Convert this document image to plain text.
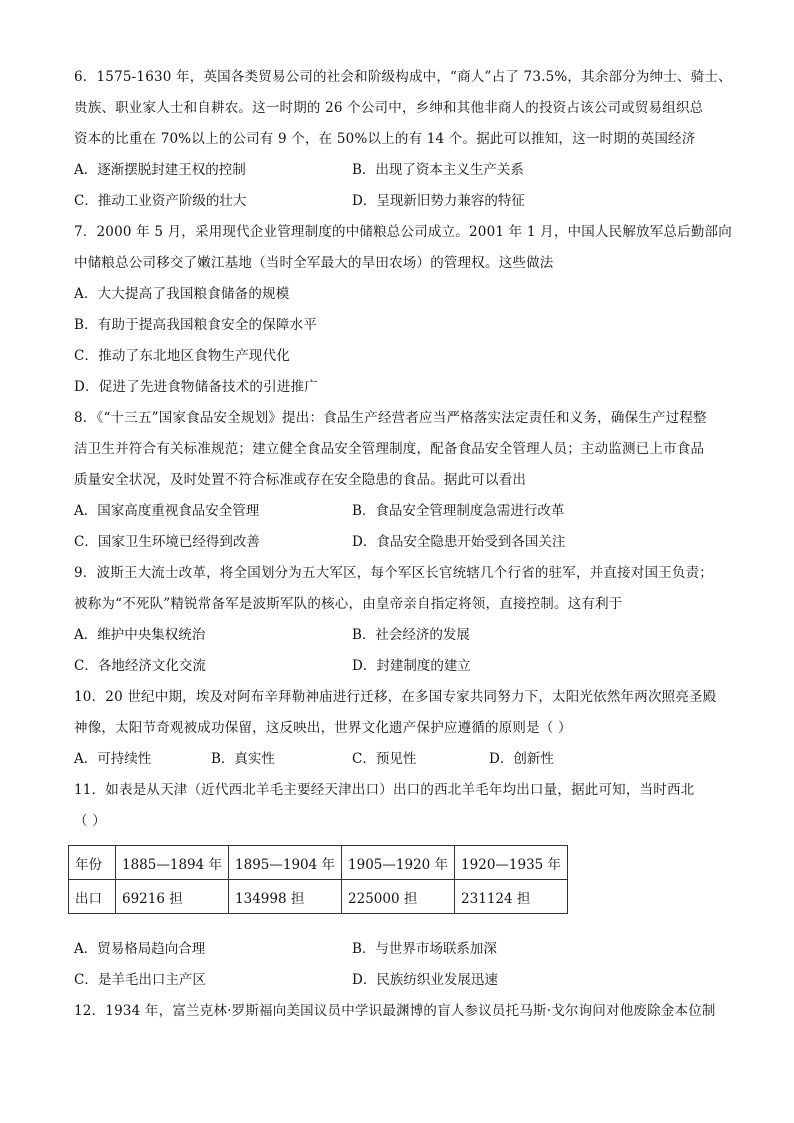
6．1575-1630 年，英国各类贸易公司的社会和阶级构成中，“商人”占了 73.5%，其余部分为绅士、骑士、
贵族、职业家人士和自耕农。这一时期的 26 个公司中，乡绅和其他非商人的投资占该公司或贸易组织总
资本的比重在 70%以上的公司有 9 个，在 50%以上的有 14 个。据此可以推知，这一时期的英国经济
A．逐渐摆脱封建王权的控制	B．出现了资本主义生产关系
C．推动工业资产阶级的壮大	D．呈现新旧势力兼容的特征
7．2000 年 5 月，采用现代企业管理制度的中储粮总公司成立。2001 年 1 月，中国人民解放军总后勤部向
中储粮总公司移交了嫩江基地（当时全军最大的旱田农场）的管理权。这些做法
A．大大提高了我国粮食储备的规模
B．有助于提高我国粮食安全的保障水平
C．推动了东北地区食物生产现代化
D．促进了先进食物储备技术的引进推广
8．《“十三五”国家食品安全规划》提出：食品生产经营者应当严格落实法定责任和义务，确保生产过程整
洁卫生并符合有关标准规范；建立健全食品安全管理制度，配备食品安全管理人员；主动监测已上市食品
质量安全状况，及时处置不符合标准或存在安全隐患的食品。据此可以看出
A．国家高度重视食品安全管理	B．食品安全管理制度急需进行改革
C．国家卫生环境已经得到改善	D．食品安全隐患开始受到各国关注
9．波斯王大流士改革，将全国划分为五大军区，每个军区长官统辖几个行省的驻军，并直接对国王负责；
被称为“不死队”精锐常备军是波斯军队的核心，由皇帝亲自指定将领，直接控制。这有利于
A．维护中央集权统治	B．社会经济的发展
C．各地经济文化交流	D．封建制度的建立
10．20 世纪中期，埃及对阿布辛拜勒神庙进行迁移，在多国专家共同努力下，太阳光依然年两次照亮圣殿
神像，太阳节奇观被成功保留，这反映出，世界文化遗产保护应遵循的原则是（ ）
A．可持续性	B．真实性	C．预见性	D．创新性
11．如表是从天津（近代西北羊毛主要经天津出口）出口的西北羊毛年均出口量，据此可知，当时西北
（ ）
年份	1885—1894 年	1895—1904 年	1905—1920 年	1920—1935 年
出口	69216 担	134998 担	225000 担	231124 担
A．贸易格局趋向合理	B．与世界市场联系加深
C．是羊毛出口主产区	D．民族纺织业发展迅速
12．1934 年，富兰克林·罗斯福向美国议员中学识最渊博的盲人参议员托马斯·戈尔询问对他废除金本位制
